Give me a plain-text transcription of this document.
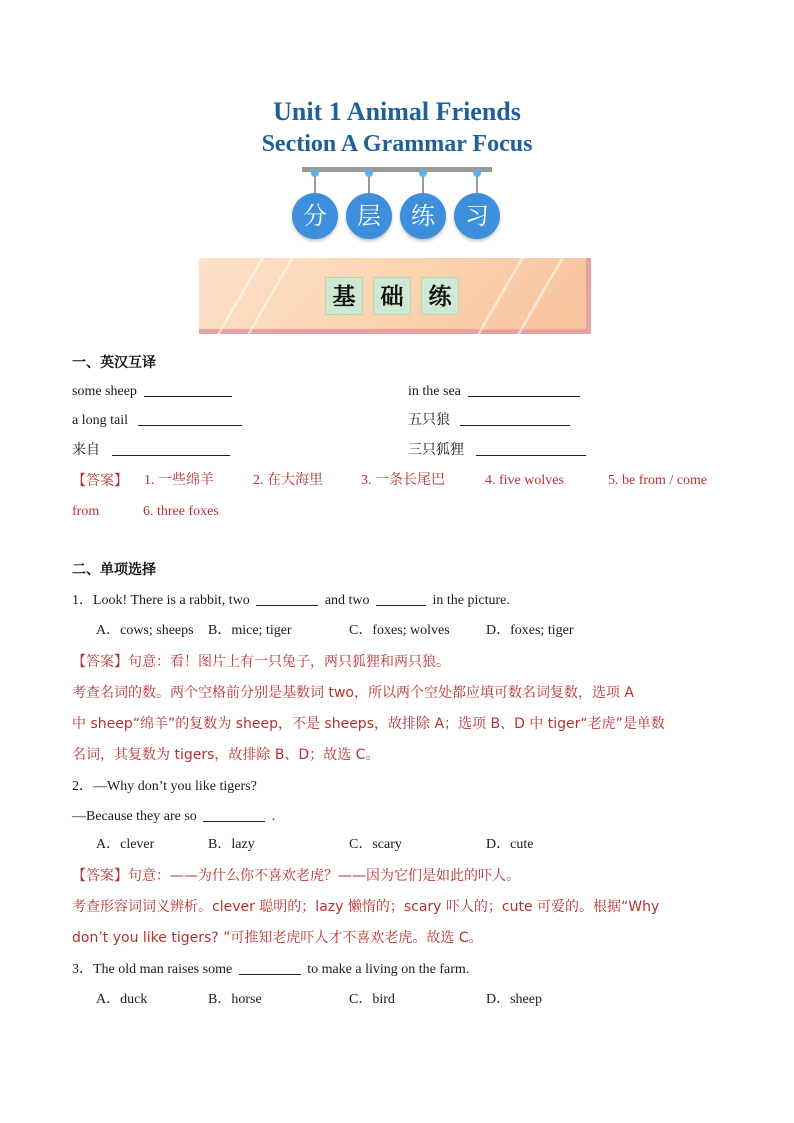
Unit 1 Animal Friends
Section A Grammar Focus
分	层	练	习
基	础	练
一、英汉互译
some sheep	in the sea
a long tail	五只狼
来自	三只狐狸
【答案】 1. 一些绵羊	2. 在大海里	3. 一条长尾巴	4. five wolves	5. be from / come
from	6. three foxes
二、单项选择
1．Look! There is a rabbit, two	and two	in the picture.
A．cows; sheeps B．mice; tiger	C．foxes; wolves	D．foxes; tiger
【答案】句意：看！图片上有一只兔子，两只狐狸和两只狼。
考查名词的数。两个空格前分别是基数词 two，所以两个空处都应填可数名词复数，选项 A
中 sheep“绵羊”的复数为 sheep，不是 sheeps，故排除 A；选项 B、D 中 tiger“老虎”是单数
名词，其复数为 tigers，故排除 B、D；故选 C。
2．—Why don’t you like tigers?
—Because they are so	.
A．clever	B．lazy	C．scary	D．cute
【答案】句意：——为什么你不喜欢老虎？——因为它们是如此的吓人。
考查形容词词义辨析。clever 聪明的；lazy 懒惰的；scary 吓人的；cute 可爱的。根据“Why
don’t you like tigers? ”可推知老虎吓人才不喜欢老虎。故选 C。
3．The old man raises some	to make a living on the farm.
A．duck	B．horse	C．bird	D．sheep
